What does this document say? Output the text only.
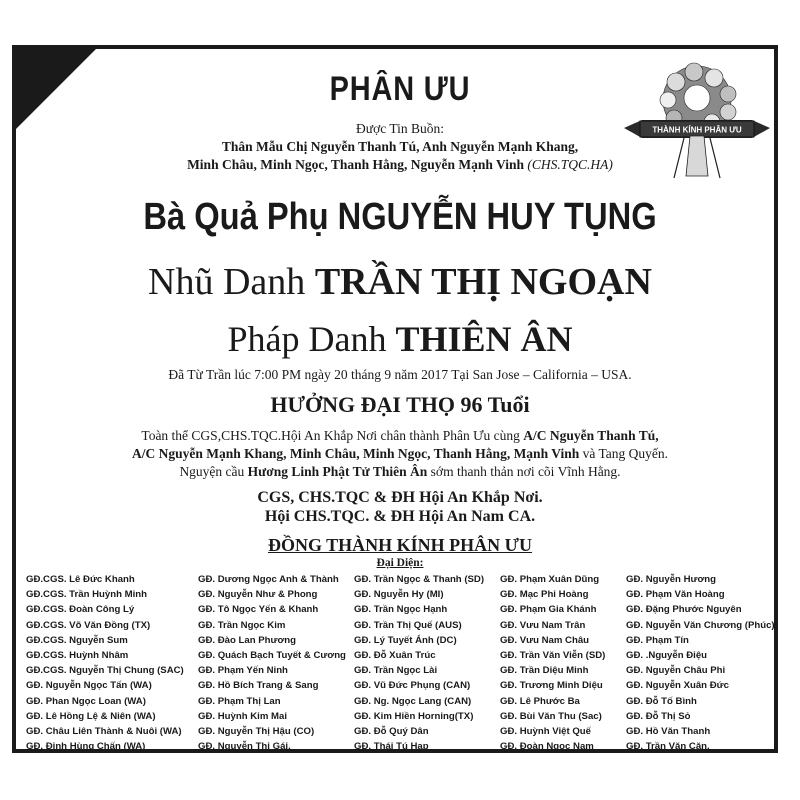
THÀNH KÍNH PHÂN ƯU
PHÂN ƯU
Được Tin Buồn:
Thân Mẫu Chị Nguyễn Thanh Tú, Anh Nguyễn Mạnh Khang,
Minh Châu, Minh Ngọc, Thanh Hằng, Nguyễn Mạnh Vinh (CHS.TQC.HA)
Bà Quả Phụ NGUYỄN HUY TỤNG
Nhũ Danh TRẦN THỊ NGOẠN
Pháp Danh THIÊN ÂN
Đã Từ Trần lúc 7:00 PM ngày 20 tháng 9 năm 2017 Tại San Jose – California – USA.
HƯỞNG ĐẠI THỌ 96 Tuổi
Toàn thể CGS,CHS.TQC.Hội An Khắp Nơi chân thành Phân Ưu cùng A/C Nguyễn Thanh Tú,
A/C Nguyễn Mạnh Khang, Minh Châu, Minh Ngọc, Thanh Hằng, Mạnh Vinh và Tang Quyến.
Nguyện cầu Hương Linh Phật Tử Thiên Ân sớm thanh thản nơi cõi Vĩnh Hằng.
CGS, CHS.TQC & ĐH Hội An Khắp Nơi.
Hội CHS.TQC. & ĐH Hội An Nam CA.
ĐỒNG THÀNH KÍNH PHÂN ƯU
Đại Diện:
GĐ.CGS. Lê Đức Khanh
GĐ.CGS. Trần Huỳnh Minh
GĐ.CGS. Đoàn Công Lý
GĐ.CGS. Võ Văn Đồng (TX)
GĐ.CGS. Nguyễn Sum
GĐ.CGS. Huỳnh Nhâm
GĐ.CGS. Nguyễn Thị Chung (SAC)
GĐ. Nguyễn Ngọc Tấn (WA)
GĐ. Phan Ngọc Loan (WA)
GĐ. Lê Hồng Lệ & Niên (WA)
GĐ. Châu Liên Thành & Nuôi (WA)
GĐ. Đinh Hùng Chấn (WA)
GĐ. Dương Ngọc Anh & Thành
GĐ. Nguyễn Như & Phong
GĐ. Tô Ngọc Yến & Khanh
GĐ. Trần Ngọc Kim
GĐ. Đào Lan Phương
GĐ. Quách Bạch Tuyết & Cương
GĐ. Phạm Yến Ninh
GĐ. Hồ Bích Trang & Sang
GĐ. Phạm Thị Lan
GĐ. Huỳnh Kim Mai
GĐ. Nguyễn Thị Hậu (CO)
GĐ. Nguyễn Thị Gái.
GĐ. Trần Ngọc & Thanh (SD)
GĐ. Nguyễn Hy (MI)
GĐ. Trần Ngọc Hạnh
GĐ. Trần Thị Quế (AUS)
GĐ. Lý Tuyết Ánh (DC)
GĐ. Đỗ Xuân Trúc
GĐ. Trần Ngọc Lài
GĐ. Vũ Đức Phụng (CAN)
GĐ. Ng. Ngọc Lang (CAN)
GĐ. Kim Hiền Horning(TX)
GĐ. Đỗ Quý Dân
GĐ. Thái Tú Hạp
GĐ. Phạm Xuân Dũng
GĐ. Mạc Phi Hoàng
GĐ. Phạm Gia Khánh
GĐ. Vưu Nam Trân
GĐ. Vưu Nam Châu
GĐ. Trần Văn Viễn (SD)
GĐ. Trần Diệu Minh
GĐ. Trương Minh Diệu
GĐ. Lê Phước Ba
GĐ. Bùi Văn Thu (Sac)
GĐ. Huỳnh Việt Quế
GĐ. Đoàn Ngọc Nam
GĐ. Nguyễn Hương
GĐ. Phạm Văn Hoàng
GĐ. Đặng Phước Nguyên
GĐ. Nguyễn Văn Chương (Phúc)
GĐ. Phạm Tín
GĐ. .Nguyễn Điệu
GĐ. Nguyễn Châu Phi
GĐ. Nguyễn Xuân Đức
GĐ. Đỗ Tố Bình
GĐ. Đỗ Thị Sỏ
GĐ. Hồ Văn Thanh
GĐ. Trần Văn Căn.
